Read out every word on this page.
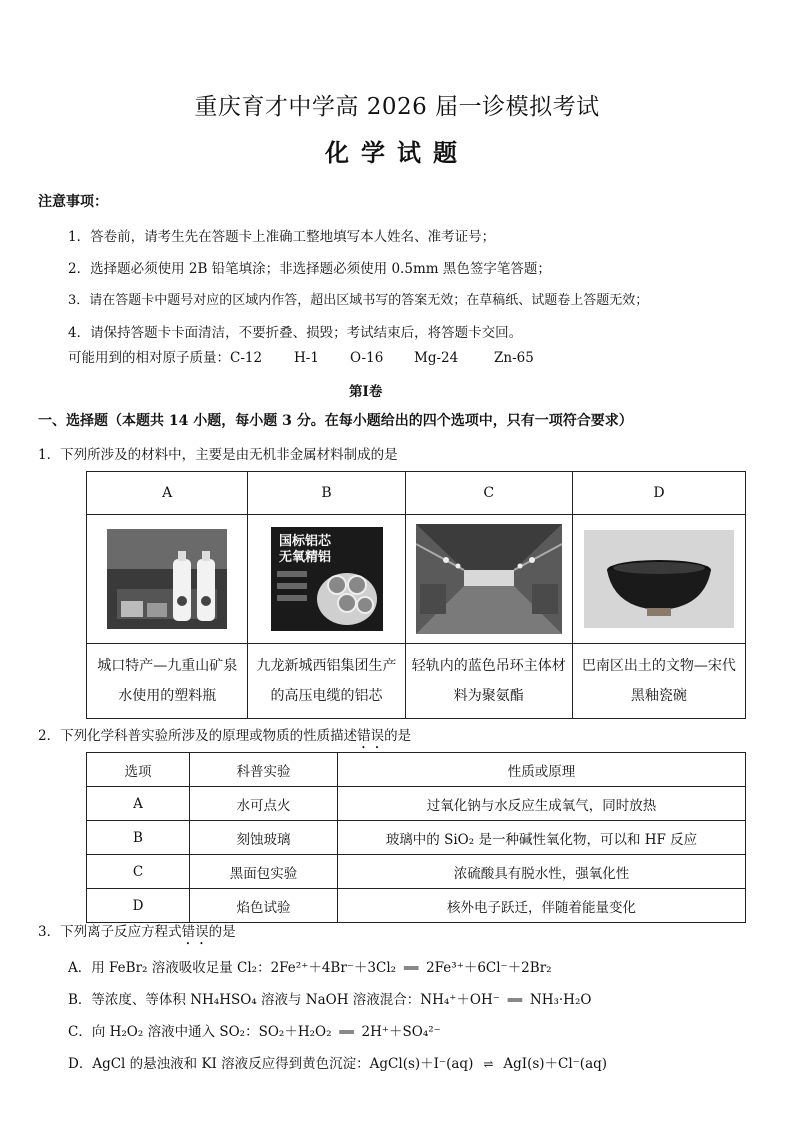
重庆育才中学高 2026 届一诊模拟考试
化学试题
注意事项：
1．答卷前，请考生先在答题卡上准确工整地填写本人姓名、准考证号；
2．选择题必须使用 2B 铅笔填涂；非选择题必须使用 0.5mm 黑色签字笔答题；
3．请在答题卡中题号对应的区域内作答，超出区域书写的答案无效；在草稿纸、试题卷上答题无效；
4．请保持答题卡卡面清洁，不要折叠、损毁；考试结束后，将答题卡交回。
可能用到的相对原子质量：C-12 H-1 O-16 Mg-24	Zn-65
第Ⅰ卷
一、选择题（本题共 14 小题，每小题 3 分。在每小题给出的四个选项中，只有一项符合要求）
1．下列所涉及的材料中，主要是由无机非金属材料制成的是
A	B	C	D

国标铝芯
无氧精铝

城口特产—九重山矿泉水使用的塑料瓶	九龙新城西铝集团生产的高压电缆的铝芯	轻轨内的蓝色吊环主体材料为聚氨酯	巴南区出土的文物—宋代黑釉瓷碗
2．下列化学科普实验所涉及的原理或物质的性质描述错误的是
选项	科普实验	性质或原理
A	水可点火	过氧化钠与水反应生成氧气，同时放热
B	刻蚀玻璃	玻璃中的 SiO₂ 是一种碱性氧化物，可以和 HF 反应
C	黑面包实验	浓硫酸具有脱水性，强氧化性
D	焰色试验	核外电子跃迁，伴随着能量变化
3．下列离子反应方程式错误的是
A．用 FeBr₂ 溶液吸收足量 Cl₂：2Fe²⁺＋4Br⁻＋3Cl₂ ══ 2Fe³⁺＋6Cl⁻＋2Br₂
B．等浓度、等体积 NH₄HSO₄ 溶液与 NaOH 溶液混合：NH₄⁺＋OH⁻ ══ NH₃·H₂O
C．向 H₂O₂ 溶液中通入 SO₂：SO₂＋H₂O₂ ══ 2H⁺＋SO₄²⁻
D．AgCl 的悬浊液和 KI 溶液反应得到黄色沉淀：AgCl(s)＋I⁻(aq) ⇌ AgI(s)＋Cl⁻(aq)
